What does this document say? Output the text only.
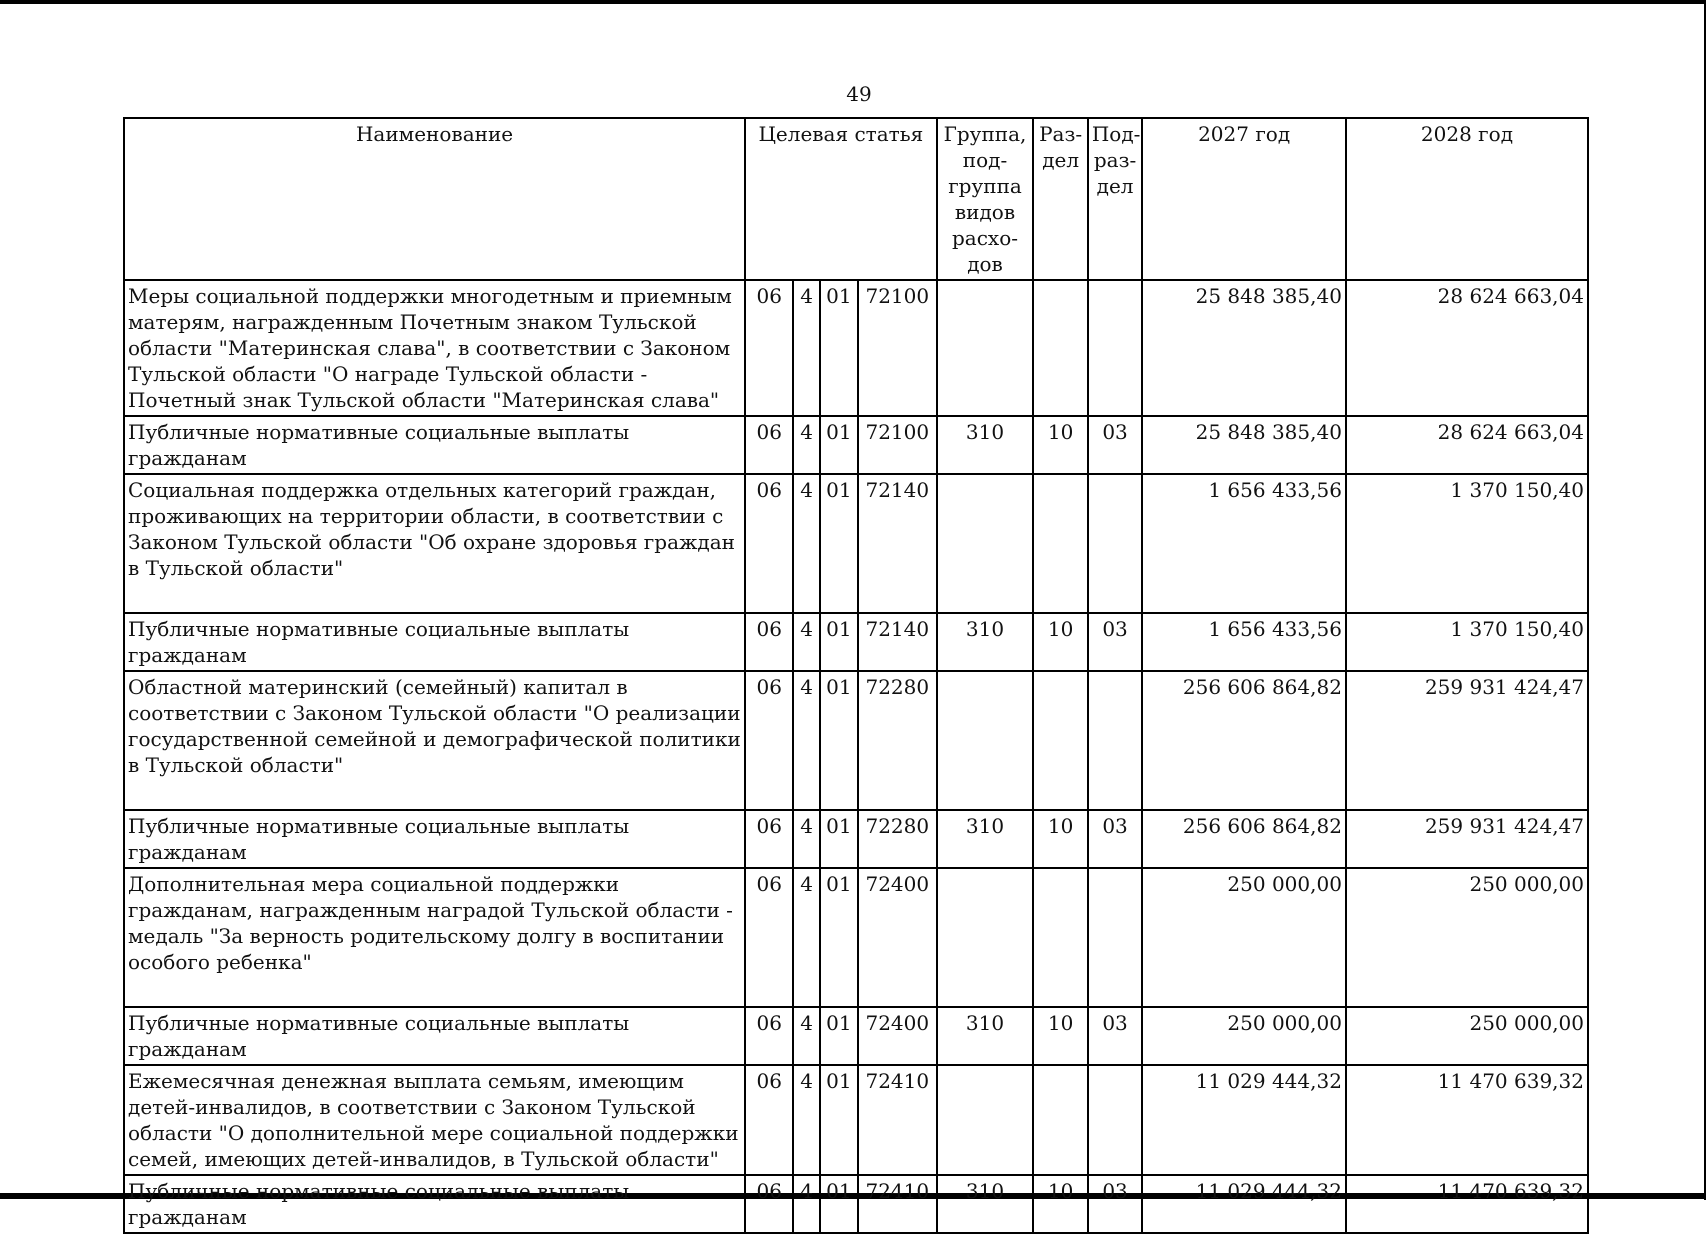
49
Наименование	Целевая статья				Группа, под- группа видов расхо- дов	Раз- дел	Под- раз- дел	2027 год	2028 год
Меры социальной поддержки многодетным и приемным матерям, награжденным Почетным знаком Тульской области "Материнская слава", в соответствии с Законом Тульской области "О награде Тульской области - Почетный знак Тульской области "Материнская слава"	06	4	01	72100				25 848 385,40	28 624 663,04
Публичные нормативные социальные выплаты гражданам	06	4	01	72100	310	10	03	25 848 385,40	28 624 663,04
Социальная поддержка отдельных категорий граждан, проживающих на территории области, в соответствии с Законом Тульской области "Об охране здоровья граждан в Тульской области"	06	4	01	72140				1 656 433,56	1 370 150,40
Публичные нормативные социальные выплаты гражданам	06	4	01	72140	310	10	03	1 656 433,56	1 370 150,40
Областной материнский (семейный) капитал в соответствии с Законом Тульской области "О реализации государственной семейной и демографической политики в Тульской области"	06	4	01	72280				256 606 864,82	259 931 424,47
Публичные нормативные социальные выплаты гражданам	06	4	01	72280	310	10	03	256 606 864,82	259 931 424,47
Дополнительная мера социальной поддержки гражданам, награжденным наградой Тульской области - медаль "За верность родительскому долгу в воспитании особого ребенка"	06	4	01	72400				250 000,00	250 000,00
Публичные нормативные социальные выплаты гражданам	06	4	01	72400	310	10	03	250 000,00	250 000,00
Ежемесячная денежная выплата семьям, имеющим детей-инвалидов, в соответствии с Законом Тульской области "О дополнительной мере социальной поддержки семей, имеющих детей-инвалидов, в Тульской области"	06	4	01	72410				11 029 444,32	11 470 639,32
Публичные нормативные социальные выплаты гражданам	06	4	01	72410	310	10	03	11 029 444,32	11 470 639,32
